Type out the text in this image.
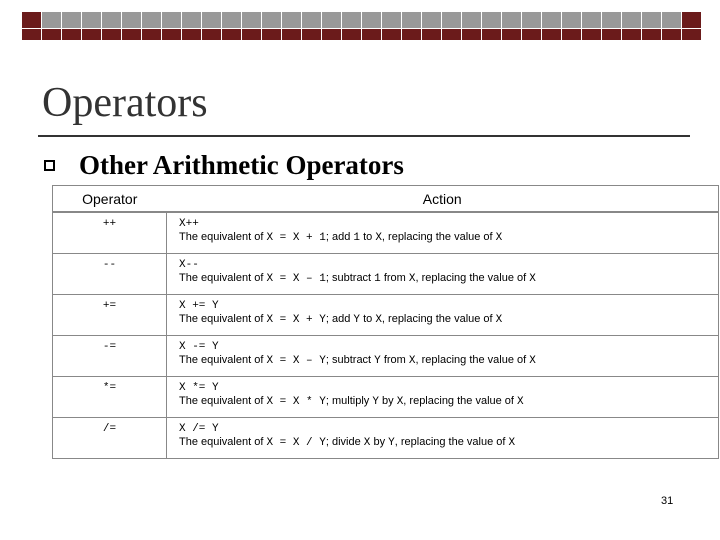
Operators
Other Arithmetic Operators
Operator	Action
++	X++
The equivalent of X = X + 1; add 1 to X, replacing the value of X

--	X--
The equivalent of X = X – 1; subtract 1 from X, replacing the value of X

+=	X += Y
The equivalent of X = X + Y; add Y to X, replacing the value of X

-=	X -= Y
The equivalent of X = X – Y; subtract Y from X, replacing the value of X

*=	X *= Y
The equivalent of X = X * Y; multiply Y by X, replacing the value of X

/=	X /= Y
The equivalent of X = X / Y; divide X by Y, replacing the value of X
31
